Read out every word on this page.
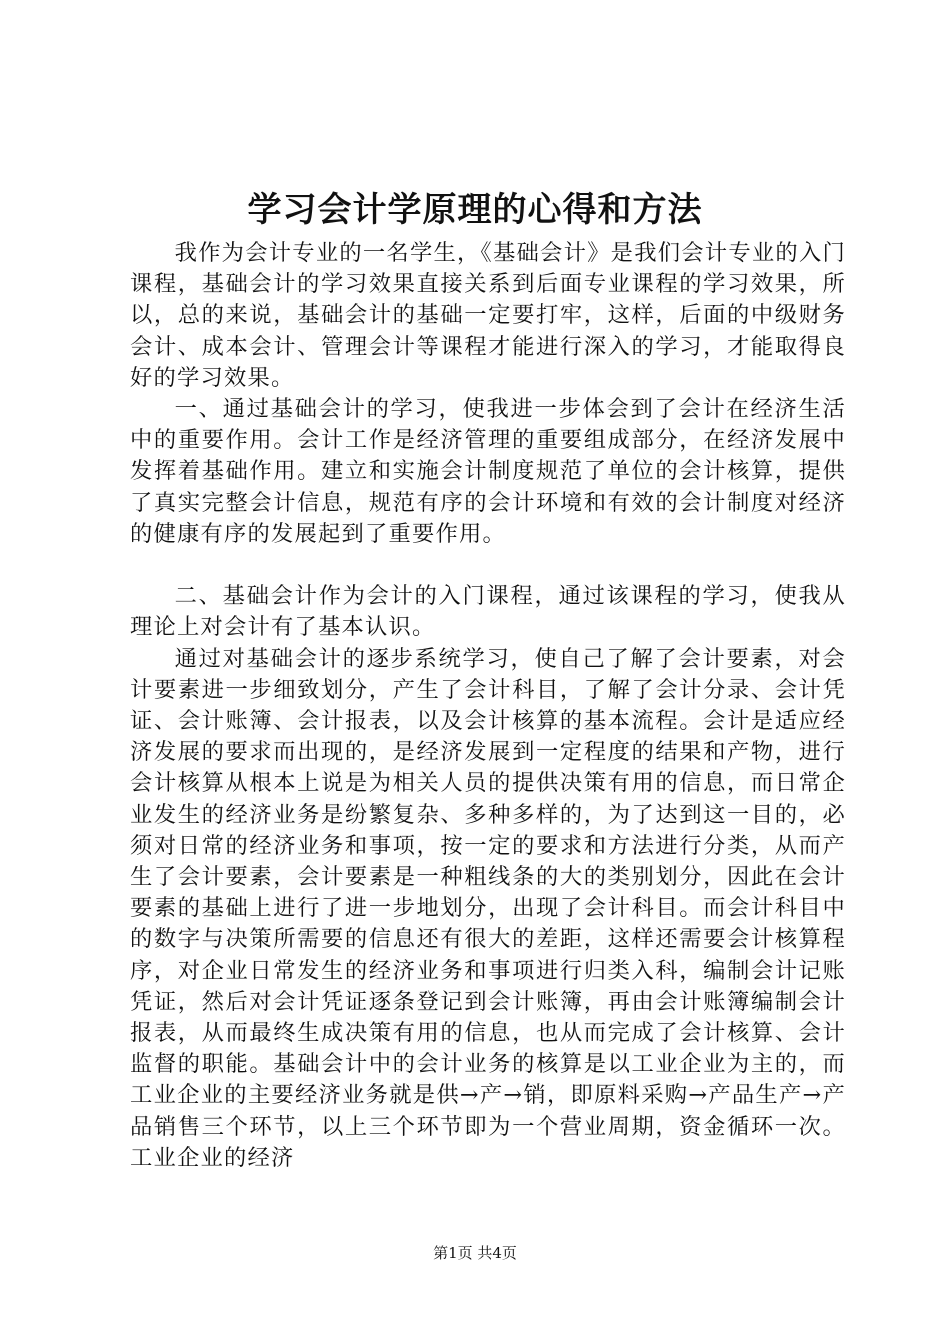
学习会计学原理的心得和方法

我作为会计专业的一名学生，《基础会计》是我们会计专业的入门课程，基础会计的学习效果直接关系到后面专业课程的学习效果，所以，总的来说，基础会计的基础一定要打牢，这样，后面的中级财务会计、成本会计、管理会计等课程才能进行深入的学习，才能取得良好的学习效果。

一、通过基础会计的学习，使我进一步体会到了会计在经济生活中的重要作用。会计工作是经济管理的重要组成部分，在经济发展中发挥着基础作用。建立和实施会计制度规范了单位的会计核算，提供了真实完整会计信息，规范有序的会计环境和有效的会计制度对经济的健康有序的发展起到了重要作用。

二、基础会计作为会计的入门课程，通过该课程的学习，使我从理论上对会计有了基本认识。

通过对基础会计的逐步系统学习，使自己了解了会计要素，对会计要素进一步细致划分，产生了会计科目，了解了会计分录、会计凭证、会计账簿、会计报表，以及会计核算的基本流程。会计是适应经济发展的要求而出现的，是经济发展到一定程度的结果和产物，进行会计核算从根本上说是为相关人员的提供决策有用的信息，而日常企业发生的经济业务是纷繁复杂、多种多样的，为了达到这一目的，必须对日常的经济业务和事项，按一定的要求和方法进行分类，从而产生了会计要素，会计要素是一种粗线条的大的类别划分，因此在会计要素的基础上进行了进一步地划分，出现了会计科目。而会计科目中的数字与决策所需要的信息还有很大的差距，这样还需要会计核算程序，对企业日常发生的经济业务和事项进行归类入科，编制会计记账凭证，然后对会计凭证逐条登记到会计账簿，再由会计账簿编制会计报表，从而最终生成决策有用的信息，也从而完成了会计核算、会计监督的职能。基础会计中的会计业务的核算是以工业企业为主的，而工业企业的主要经济业务就是供→产→销，即原料采购→产品生产→产品销售三个环节，以上三个环节即为一个营业周期，资金循环一次。工业企业的经济

第1页 共4页
